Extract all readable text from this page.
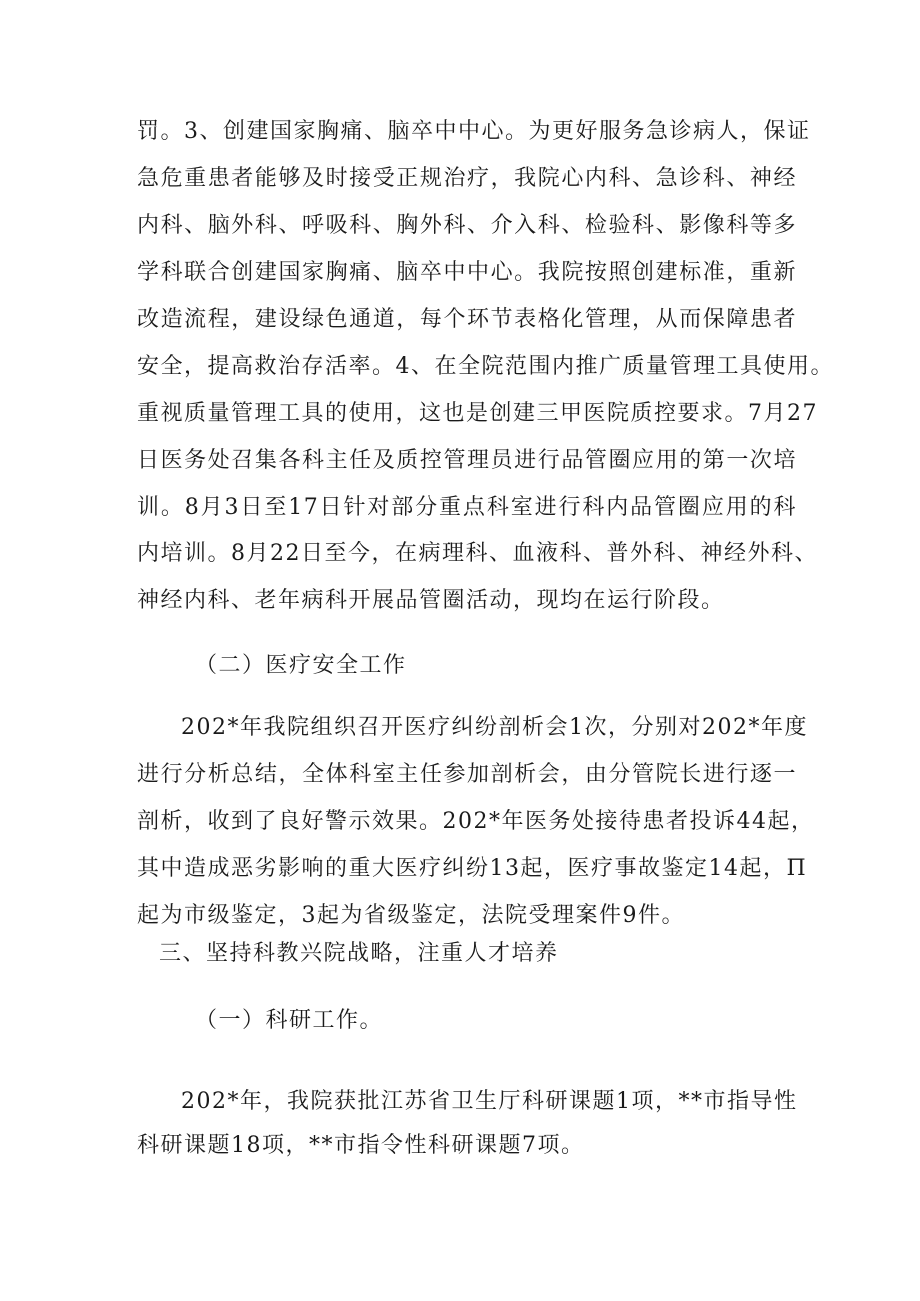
罚。3、创建国家胸痛、脑卒中中心。为更好服务急诊病人，保证
急危重患者能够及时接受正规治疗，我院心内科、急诊科、神经
内科、脑外科、呼吸科、胸外科、介入科、检验科、影像科等多
学科联合创建国家胸痛、脑卒中中心。我院按照创建标准，重新
改造流程，建设绿色通道，每个环节表格化管理，从而保障患者
安全，提高救治存活率。4、在全院范围内推广质量管理工具使用。
重视质量管理工具的使用，这也是创建三甲医院质控要求。7月27
日医务处召集各科主任及质控管理员进行品管圈应用的第一次培
训。8月3日至17日针对部分重点科室进行科内品管圈应用的科
内培训。8月22日至今，在病理科、血液科、普外科、神经外科、
神经内科、老年病科开展品管圈活动，现均在运行阶段。
（二）医疗安全工作
202*年我院组织召开医疗纠纷剖析会1次，分别对202*年度
进行分析总结，全体科室主任参加剖析会，由分管院长进行逐一
剖析，收到了良好警示效果。202*年医务处接待患者投诉44起，
其中造成恶劣影响的重大医疗纠纷13起，医疗事故鉴定14起，Π
起为市级鉴定，3起为省级鉴定，法院受理案件9件。
三、坚持科教兴院战略，注重人才培养
（一）科研工作。
202*年，我院获批江苏省卫生厅科研课题1项，**市指导性
科研课题18项，**市指令性科研课题7项。
